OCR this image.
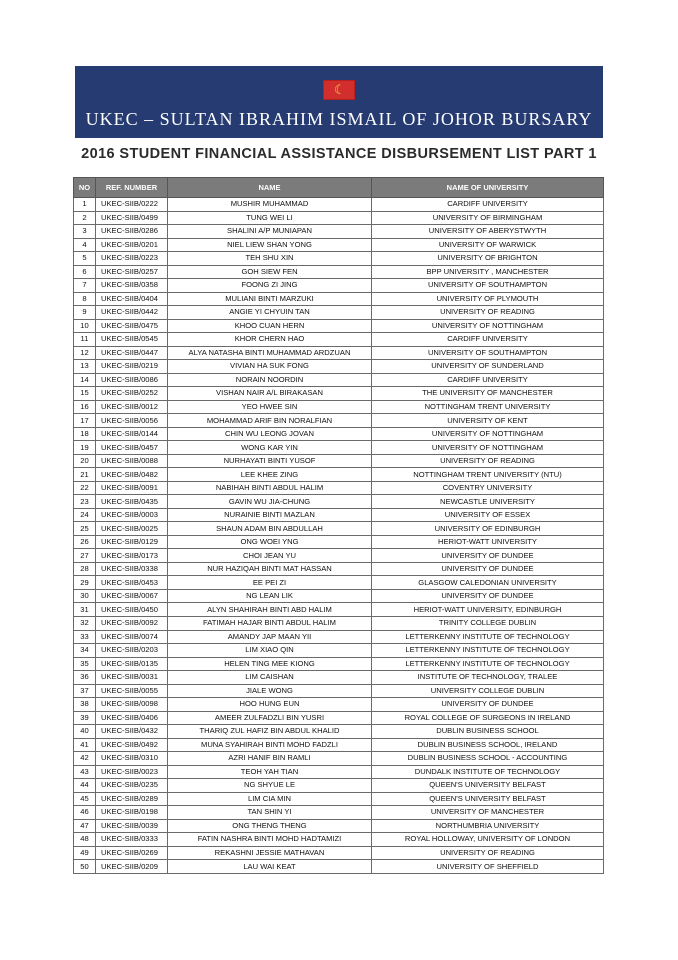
☾
UKEC – SULTAN IBRAHIM ISMAIL OF JOHOR BURSARY
2016 STUDENT FINANCIAL ASSISTANCE DISBURSEMENT LIST PART 1
NO	REF. NUMBER	NAME	NAME OF UNIVERSITY
1	UKEC-SIIB/0222	MUSHIR MUHAMMAD	CARDIFF UNIVERSITY
2	UKEC-SIIB/0499	TUNG WEI LI	UNIVERSITY OF BIRMINGHAM
3	UKEC-SIIB/0286	SHALINI A/P MUNIAPAN	UNIVERSITY OF ABERYSTWYTH
4	UKEC-SIIB/0201	NIEL LIEW SHAN YONG	UNIVERSITY OF WARWICK
5	UKEC-SIIB/0223	TEH SHU XIN	UNIVERSITY OF BRIGHTON
6	UKEC-SIIB/0257	GOH SIEW FEN	BPP UNIVERSITY , MANCHESTER
7	UKEC-SIIB/0358	FOONG ZI JING	UNIVERSITY OF SOUTHAMPTON
8	UKEC-SIIB/0404	MULIANI BINTI MARZUKI	UNIVERSITY OF PLYMOUTH
9	UKEC-SIIB/0442	ANGIE YI CHYUIN TAN	UNIVERSITY OF READING
10	UKEC-SIIB/0475	KHOO CUAN HERN	UNIVERSITY OF NOTTINGHAM
11	UKEC-SIIB/0545	KHOR CHERN HAO	CARDIFF UNIVERSITY
12	UKEC-SIIB/0447	ALYA NATASHA BINTI MUHAMMAD ARDZUAN	UNIVERSITY OF SOUTHAMPTON
13	UKEC-SIIB/0219	VIVIAN HA SUK FONG	UNIVERSITY OF SUNDERLAND
14	UKEC-SIIB/0086	NORAIN NOORDIN	CARDIFF UNIVERSITY
15	UKEC-SIIB/0252	VISHAN NAIR A/L BIRAKASAN	THE UNIVERSITY OF MANCHESTER
16	UKEC-SIIB/0012	YEO HWEE SIN	NOTTINGHAM TRENT UNIVERSITY
17	UKEC-SIIB/0056	MOHAMMAD ARIF BIN NORALFIAN	UNIVERSITY OF KENT
18	UKEC-SIIB/0144	CHIN WU LEONG JOVAN	UNIVERSITY OF NOTTINGHAM
19	UKEC-SIIB/0457	WONG KAR YIN	UNIVERSITY OF NOTTINGHAM
20	UKEC-SIIB/0088	NURHAYATI BINTI YUSOF	UNIVERSITY OF READING
21	UKEC-SIIB/0482	LEE KHEE ZING	NOTTINGHAM TRENT UNIVERSITY (NTU)
22	UKEC-SIIB/0091	NABIHAH BINTI ABDUL HALIM	COVENTRY UNIVERSITY
23	UKEC-SIIB/0435	GAVIN WU JIA-CHUNG	NEWCASTLE UNIVERSITY
24	UKEC-SIIB/0003	NURAINIE BINTI MAZLAN	UNIVERSITY OF ESSEX
25	UKEC-SIIB/0025	SHAUN ADAM BIN ABDULLAH	UNIVERSITY OF EDINBURGH
26	UKEC-SIIB/0129	ONG WOEI YNG	HERIOT-WATT UNIVERSITY
27	UKEC-SIIB/0173	CHOI JEAN YU	UNIVERSITY OF DUNDEE
28	UKEC-SIIB/0338	NUR HAZIQAH BINTI MAT HASSAN	UNIVERSITY OF DUNDEE
29	UKEC-SIIB/0453	EE PEI ZI	GLASGOW CALEDONIAN UNIVERSITY
30	UKEC-SIIB/0067	NG LEAN LIK	UNIVERSITY OF DUNDEE
31	UKEC-SIIB/0450	ALYN SHAHIRAH BINTI ABD HALIM	HERIOT-WATT UNIVERSITY, EDINBURGH
32	UKEC-SIIB/0092	FATIMAH HAJAR BINTI ABDUL HALIM	TRINITY COLLEGE DUBLIN
33	UKEC-SIIB/0074	AMANDY JAP MAAN YII	LETTERKENNY INSTITUTE OF TECHNOLOGY
34	UKEC-SIIB/0203	LIM XIAO QIN	LETTERKENNY INSTITUTE OF TECHNOLOGY
35	UKEC-SIIB/0135	HELEN TING MEE KIONG	LETTERKENNY INSTITUTE OF TECHNOLOGY
36	UKEC-SIIB/0031	LIM CAISHAN	INSTITUTE OF TECHNOLOGY, TRALEE
37	UKEC-SIIB/0055	JIALE WONG	UNIVERSITY COLLEGE DUBLIN
38	UKEC-SIIB/0098	HOO HUNG EUN	UNIVERSITY OF DUNDEE
39	UKEC-SIIB/0406	AMEER ZULFADZLI BIN YUSRI	ROYAL COLLEGE OF SURGEONS IN IRELAND
40	UKEC-SIIB/0432	THARIQ ZUL HAFIZ BIN ABDUL KHALID	DUBLIN BUSINESS SCHOOL
41	UKEC-SIIB/0492	MUNA SYAHIRAH BINTI MOHD FADZLI	DUBLIN BUSINESS SCHOOL, IRELAND
42	UKEC-SIIB/0310	AZRI HANIF BIN RAMLI	DUBLIN BUSINESS SCHOOL - ACCOUNTING
43	UKEC-SIIB/0023	TEOH YAH TIAN	DUNDALK INSTITUTE OF TECHNOLOGY
44	UKEC-SIIB/0235	NG SHYUE LE	QUEEN'S UNIVERSITY BELFAST
45	UKEC-SIIB/0289	LIM CIA MIN	QUEEN'S UNIVERSITY BELFAST
46	UKEC-SIIB/0198	TAN SHIN YI	UNIVERSITY OF MANCHESTER
47	UKEC-SIIB/0039	ONG THENG THENG	NORTHUMBRIA UNIVERSITY
48	UKEC-SIIB/0333	FATIN NASHRA BINTI MOHD HADTAMIZI	ROYAL HOLLOWAY, UNIVERSITY OF LONDON
49	UKEC-SIIB/0269	REKASHNI JESSIE MATHAVAN	UNIVERSITY OF READING
50	UKEC-SIIB/0209	LAU WAI KEAT	UNIVERSITY OF SHEFFIELD
